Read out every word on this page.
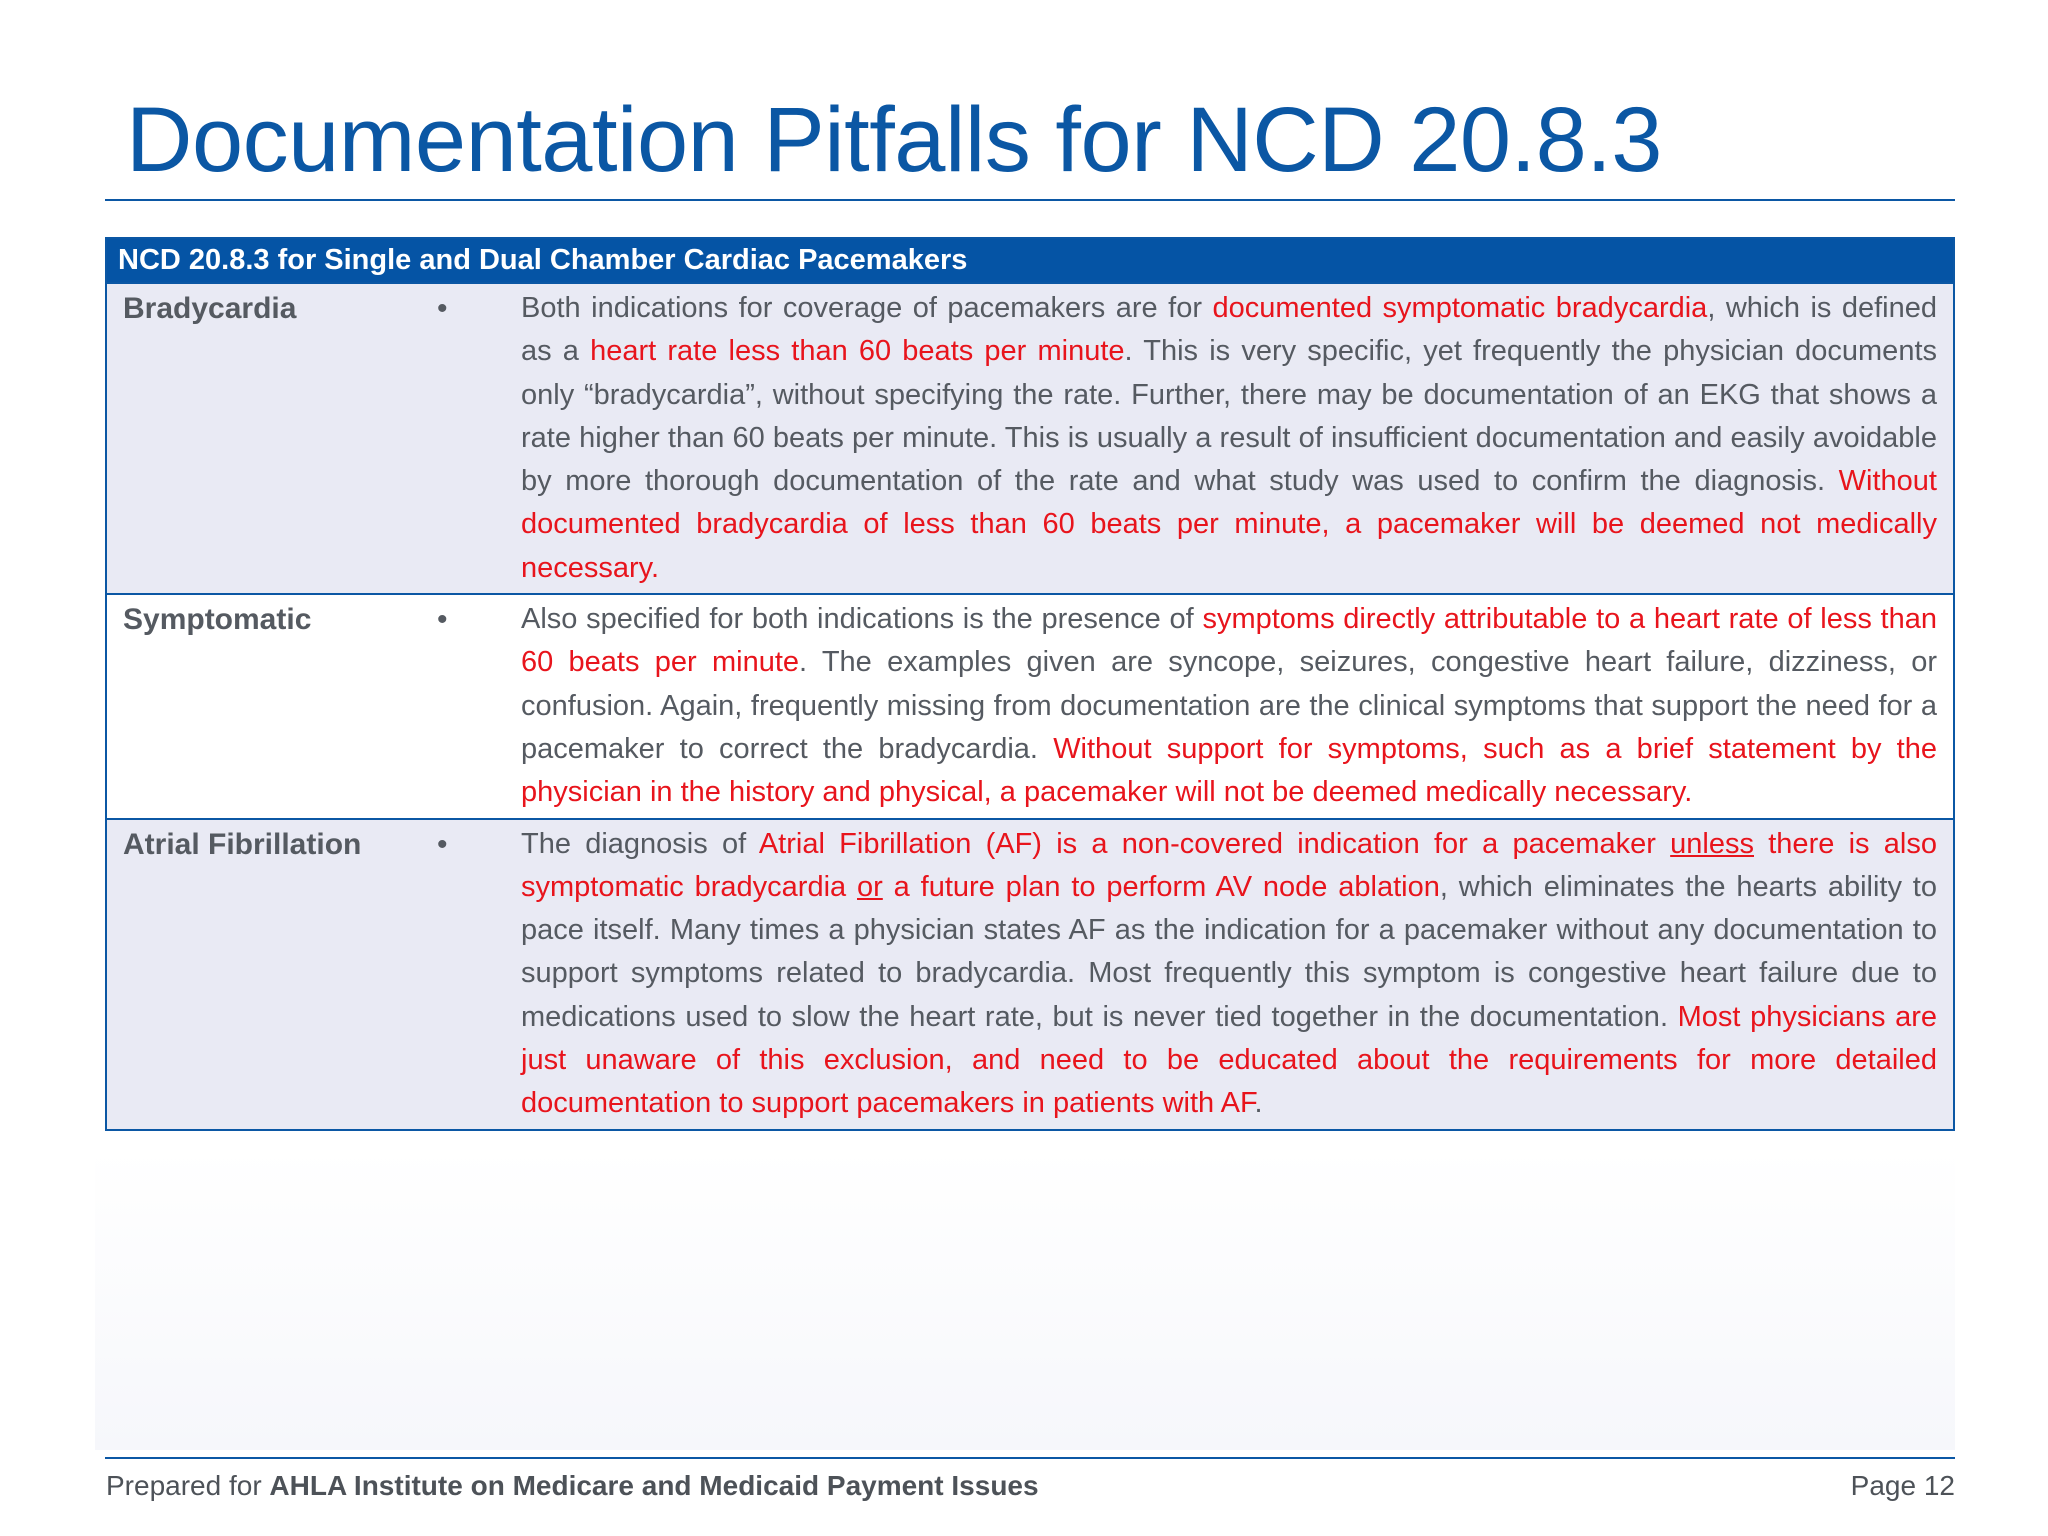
Documentation Pitfalls for NCD 20.8.3
NCD 20.8.3 for Single and Dual Chamber Cardiac Pacemakers
Bradycardia	•	Both indications for coverage of pacemakers are for documented symptomatic bradycardia, which is defined as a heart rate less than 60 beats per minute. This is very specific, yet frequently the physician documents only “bradycardia”, without specifying the rate. Further, there may be documentation of an EKG that shows a rate higher than 60 beats per minute. This is usually a result of insufficient documentation and easily avoidable by more thorough documentation of the rate and what study was used to confirm the diagnosis. Without documented bradycardia of less than 60 beats per minute, a pacemaker will be deemed not medically necessary.
Symptomatic	•	Also specified for both indications is the presence of symptoms directly attributable to a heart rate of less than 60 beats per minute. The examples given are syncope, seizures, congestive heart failure, dizziness, or confusion. Again, frequently missing from documentation are the clinical symptoms that support the need for a pacemaker to correct the bradycardia. Without support for symptoms, such as a brief statement by the physician in the history and physical, a pacemaker will not be deemed medically necessary.
Atrial Fibrillation	•	The diagnosis of Atrial Fibrillation (AF) is a non-covered indication for a pacemaker unless there is also symptomatic bradycardia or a future plan to perform AV node ablation, which eliminates the hearts ability to pace itself. Many times a physician states AF as the indication for a pacemaker without any documentation to support symptoms related to bradycardia. Most frequently this symptom is congestive heart failure due to medications used to slow the heart rate, but is never tied together in the documentation. Most physicians are just unaware of this exclusion, and need to be educated about the requirements for more detailed documentation to support pacemakers in patients with AF.
Prepared for AHLA Institute on Medicare and Medicaid Payment Issues	Page 12
